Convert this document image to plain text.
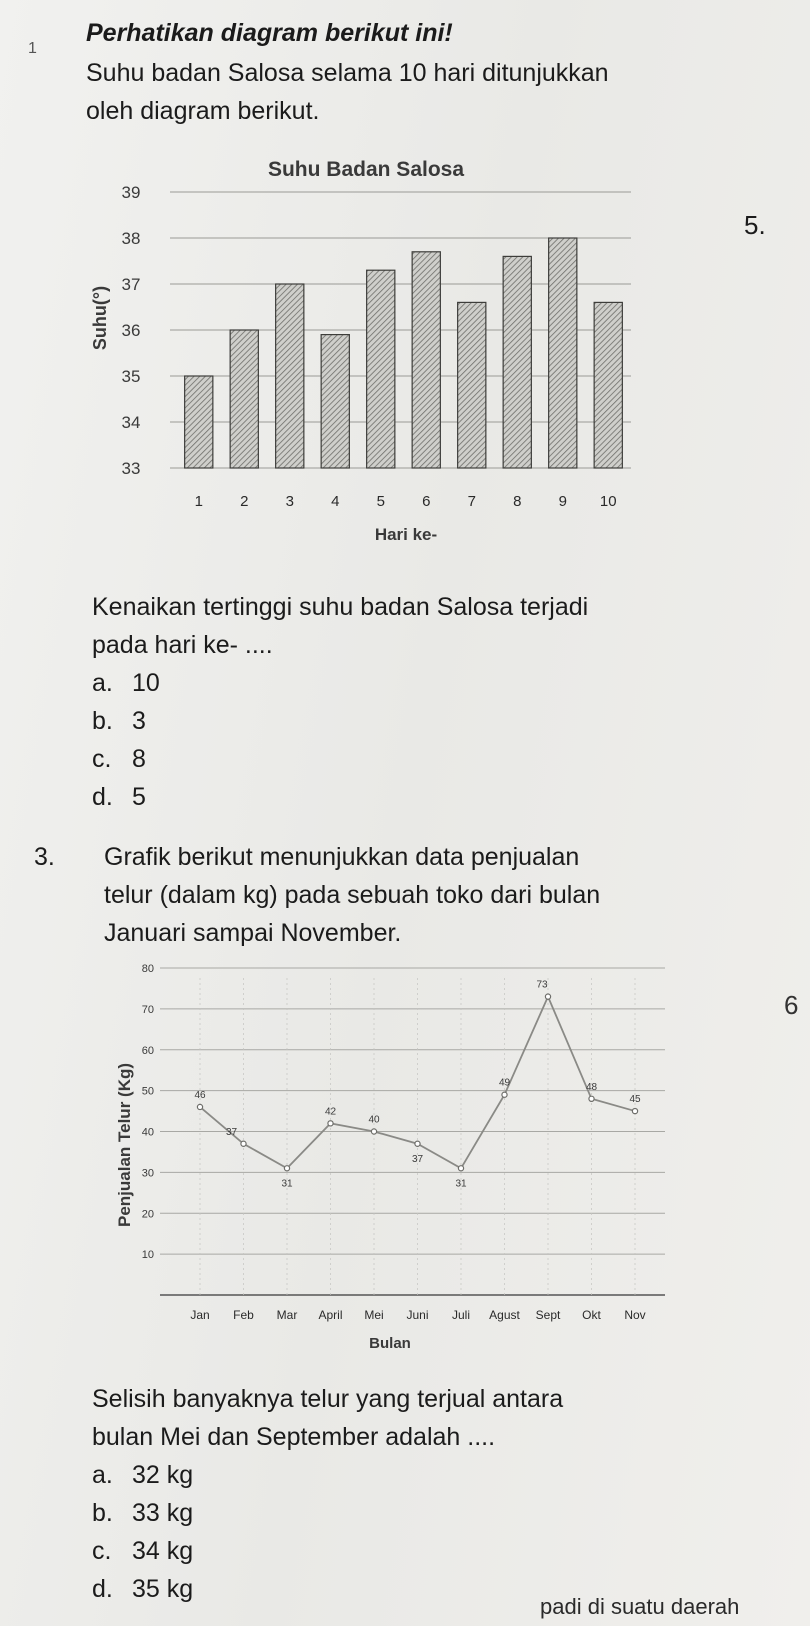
1
Perhatikan diagram berikut ini!
Suhu badan Salosa selama 10 hari ditunjukkan
oleh diagram berikut.
5.
6
33
34
35
36
37
38
39
1 2 3 4 5 6 7 8 9 10
Suhu Badan Salosa
Suhu(°)
Hari ke-
Kenaikan tertinggi suhu badan Salosa terjadi
pada hari ke- ....
a. 10
b. 3
c. 8
d. 5
3. Grafik berikut menunjukkan data penjualan
telur (dalam kg) pada sebuah toko dari bulan
Januari sampai November.
10
20
30
40
50
60
70
80
46
37
31
42
40
37
31
49
73
48
45
Jan Feb Mar April Mei Juni Juli Agust Sept Okt Nov
Penjualan Telur (Kg)
Bulan
Selisih banyaknya telur yang terjual antara
bulan Mei dan September adalah ....
a. 32 kg
b. 33 kg
c. 34 kg
d. 35 kg
padi di suatu daerah
